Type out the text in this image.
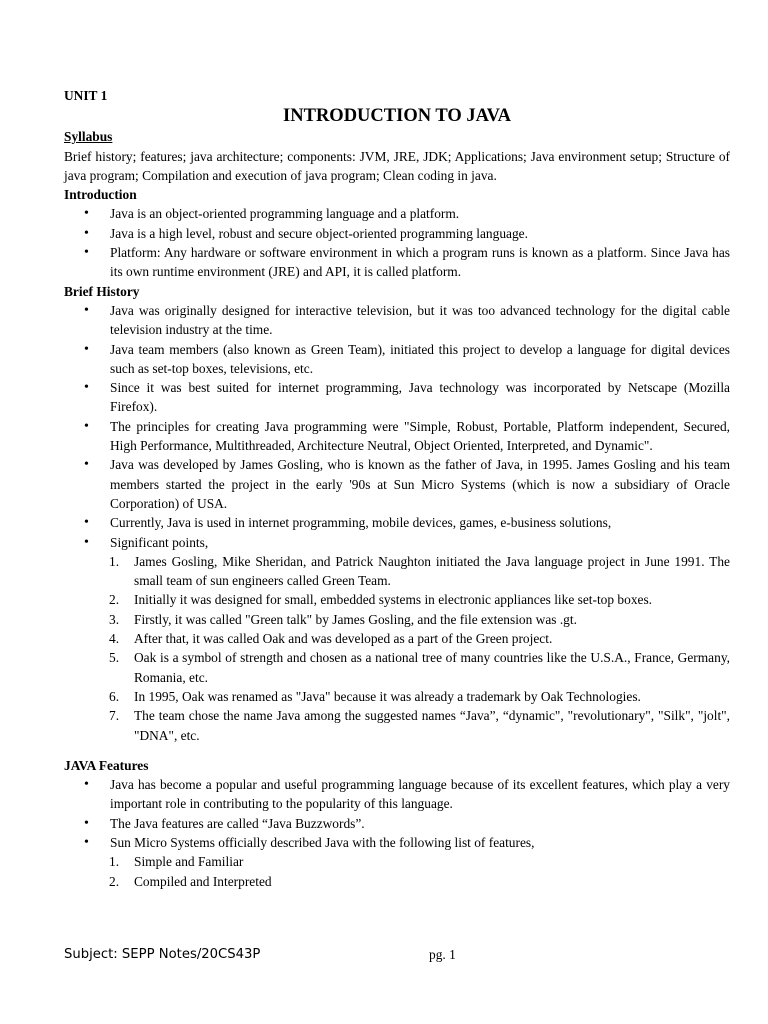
UNIT 1

INTRODUCTION TO JAVA

Syllabus

Brief history; features; java architecture; components: JVM, JRE, JDK; Applications; Java environment setup; Structure of java program; Compilation and execution of java program; Clean coding in java.

Introduction

• Java is an object-oriented programming language and a platform.
• Java is a high level, robust and secure object-oriented programming language.
• Platform: Any hardware or software environment in which a program runs is known as a platform. Since Java has its own runtime environment (JRE) and API, it is called platform.

Brief History

• Java was originally designed for interactive television, but it was too advanced technology for the digital cable television industry at the time.
• Java team members (also known as Green Team), initiated this project to develop a language for digital devices such as set-top boxes, televisions, etc.
• Since it was best suited for internet programming, Java technology was incorporated by Netscape (Mozilla Firefox).
• The principles for creating Java programming were "Simple, Robust, Portable, Platform independent, Secured, High Performance, Multithreaded, Architecture Neutral, Object Oriented, Interpreted, and Dynamic".
• Java was developed by James Gosling, who is known as the father of Java, in 1995. James Gosling and his team members started the project in the early '90s at Sun Micro Systems (which is now a subsidiary of Oracle Corporation) of USA.
• Currently, Java is used in internet programming, mobile devices, games, e-business solutions,
• Significant points,
1. James Gosling, Mike Sheridan, and Patrick Naughton initiated the Java language project in June 1991. The small team of sun engineers called Green Team.
2. Initially it was designed for small, embedded systems in electronic appliances like set-top boxes.
3. Firstly, it was called "Green talk" by James Gosling, and the file extension was .gt.
4. After that, it was called Oak and was developed as a part of the Green project.
5. Oak is a symbol of strength and chosen as a national tree of many countries like the U.S.A., France, Germany, Romania, etc.
6. In 1995, Oak was renamed as "Java" because it was already a trademark by Oak Technologies.
7. The team chose the name Java among the suggested names “Java”, “dynamic", "revolutionary", "Silk", "jolt", "DNA", etc.

JAVA Features

• Java has become a popular and useful programming language because of its excellent features, which play a very important role in contributing to the popularity of this language.
• The Java features are called “Java Buzzwords”.
• Sun Micro Systems officially described Java with the following list of features,
1. Simple and Familiar
2. Compiled and Interpreted
Subject: SEPP Notes/20CS43P	pg. 1
